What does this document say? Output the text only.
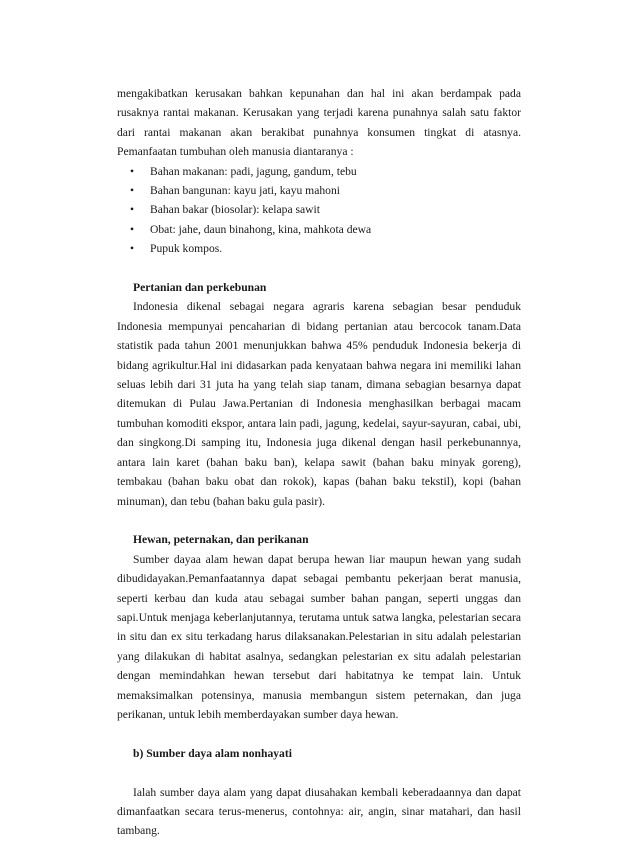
mengakibatkan kerusakan bahkan kepunahan dan hal ini akan berdampak pada rusaknya rantai makanan. Kerusakan yang terjadi karena punahnya salah satu faktor dari rantai makanan akan berakibat punahnya konsumen tingkat di atasnya. Pemanfaatan tumbuhan oleh manusia diantaranya :

• Bahan makanan: padi, jagung, gandum, tebu
• Bahan bangunan: kayu jati, kayu mahoni
• Bahan bakar (biosolar): kelapa sawit
• Obat: jahe, daun binahong, kina, mahkota dewa
• Pupuk kompos.
Pertanian dan perkebunan

Indonesia dikenal sebagai negara agraris karena sebagian besar penduduk Indonesia mempunyai pencaharian di bidang pertanian atau bercocok tanam.Data statistik pada tahun 2001 menunjukkan bahwa 45% penduduk Indonesia bekerja di bidang agrikultur.Hal ini didasarkan pada kenyataan bahwa negara ini memiliki lahan seluas lebih dari 31 juta ha yang telah siap tanam, dimana sebagian besarnya dapat ditemukan di Pulau Jawa.Pertanian di Indonesia menghasilkan berbagai macam tumbuhan komoditi ekspor, antara lain padi, jagung, kedelai, sayur-sayuran, cabai, ubi, dan singkong.Di samping itu, Indonesia juga dikenal dengan hasil perkebunannya, antara lain karet (bahan baku ban), kelapa sawit (bahan baku minyak goreng), tembakau (bahan baku obat dan rokok), kapas (bahan baku tekstil), kopi (bahan minuman), dan tebu (bahan baku gula pasir).

Hewan, peternakan, dan perikanan

Sumber dayaa alam hewan dapat berupa hewan liar maupun hewan yang sudah dibudidayakan.Pemanfaatannya dapat sebagai pembantu pekerjaan berat manusia, seperti kerbau dan kuda atau sebagai sumber bahan pangan, seperti unggas dan sapi.Untuk menjaga keberlanjutannya, terutama untuk satwa langka, pelestarian secara in situ dan ex situ terkadang harus dilaksanakan.Pelestarian in situ adalah pelestarian yang dilakukan di habitat asalnya, sedangkan pelestarian ex situ adalah pelestarian dengan memindahkan hewan tersebut dari habitatnya ke tempat lain. Untuk memaksimalkan potensinya, manusia membangun sistem peternakan, dan juga perikanan, untuk lebih memberdayakan sumber daya hewan.

b) Sumber daya alam nonhayati

Ialah sumber daya alam yang dapat diusahakan kembali keberadaannya dan dapat dimanfaatkan secara terus-menerus, contohnya: air, angin, sinar matahari, dan hasil tambang.
